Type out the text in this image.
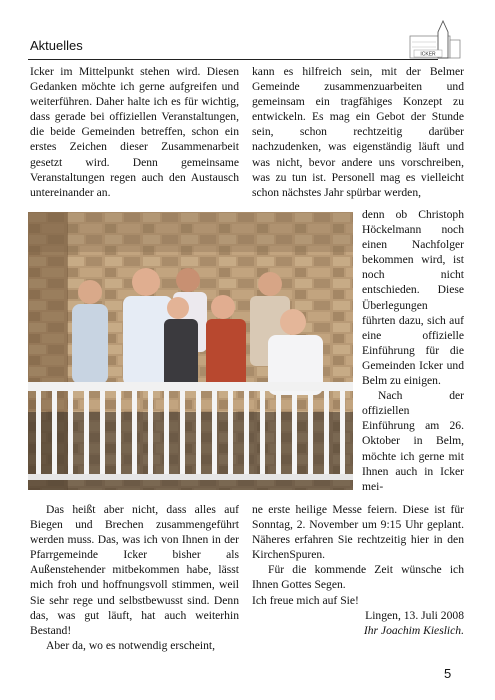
Aktuelles
ICKER

Icker im Mittelpunkt stehen wird. Diesen Gedanken möchte ich gerne aufgreifen und weiterführen. Daher halte ich es für wichtig, dass gerade bei offiziellen Veranstaltungen, die beide Gemeinden betreffen, schon ein erstes Zeichen dieser Zusammenarbeit gesetzt wird. Denn gemeinsame Veranstaltungen regen auch den Austausch untereinander an.

kann es hilfreich sein, mit der Belmer Gemeinde zusammenzuarbeiten und gemeinsam ein tragfähiges Konzept zu entwickeln. Es mag ein Gebot der Stunde sein, schon rechtzeitig darüber nachzudenken, was eigenständig läuft und was nicht, bevor andere uns vorschreiben, was zu tun ist. Personell mag es vielleicht schon nächstes Jahr spürbar werden,

denn ob Christoph Höckelmann noch einen Nachfolger bekommen wird, ist noch nicht entschieden. Diese Überlegungen führten dazu, sich auf eine offizielle Einführung für die Gemeinden Icker und Belm zu einigen.

Nach der offiziellen Einführung am 26. Oktober in Belm, möchte ich gerne mit Ihnen auch in Icker mei-

Das heißt aber nicht, dass alles auf Biegen und Brechen zusammengeführt werden muss. Das, was ich von Ihnen in der Pfarrgemeinde Icker bisher als Außenstehender mitbekommen habe, lässt mich froh und hoffnungsvoll stimmen, weil Sie sehr rege und selbstbewusst sind. Denn das, was gut läuft, hat auch weiterhin Bestand!

Aber da, wo es notwendig erscheint,

ne erste heilige Messe feiern. Diese ist für Sonntag, 2. November um 9:15 Uhr geplant. Näheres erfahren Sie rechtzeitig hier in den KirchenSpuren.

Für die kommende Zeit wünsche ich Ihnen Gottes Segen.

Ich freue mich auf Sie!

Lingen, 13. Juli 2008

Ihr Joachim Kieslich.

5
